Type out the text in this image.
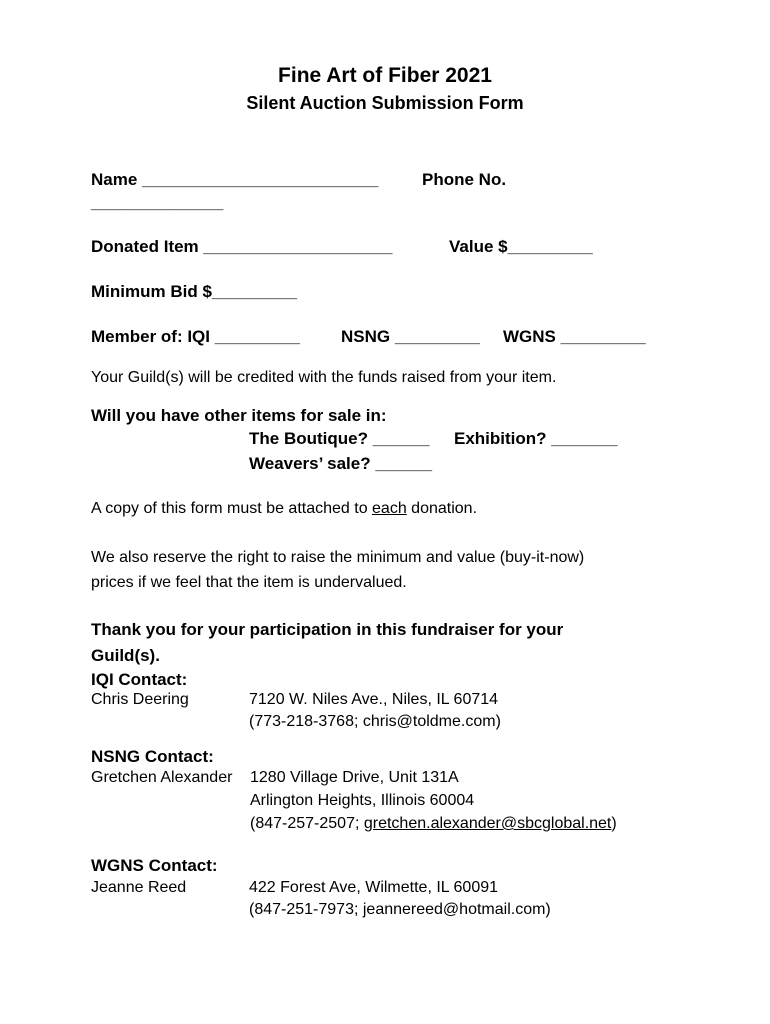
Fine Art of Fiber 2021
Silent Auction Submission Form
Name _________________________	Phone No.
______________
Donated Item ____________________	Value $_________
Minimum Bid $_________
Member of: IQI _________ NSNG _________ WGNS _________
Your Guild(s) will be credited with the funds raised from your item.
Will you have other items for sale in:
The Boutique? ______ Exhibition? _______
Weavers’ sale? ______
A copy of this form must be attached to each donation.
We also reserve the right to raise the minimum and value (buy-it-now)
prices if we feel that the item is undervalued.
Thank you for your participation in this fundraiser for your
Guild(s).
IQI Contact:
Chris Deering	7120 W. Niles Ave., Niles, IL 60714
(773-218-3768; chris@toldme.com)
NSNG Contact:
Gretchen Alexander 1280 Village Drive, Unit 131A
Arlington Heights, Illinois 60004
(847-257-2507; gretchen.alexander@sbcglobal.net)
WGNS Contact:
Jeanne Reed	422 Forest Ave, Wilmette, IL 60091
(847-251-7973; jeannereed@hotmail.com)
